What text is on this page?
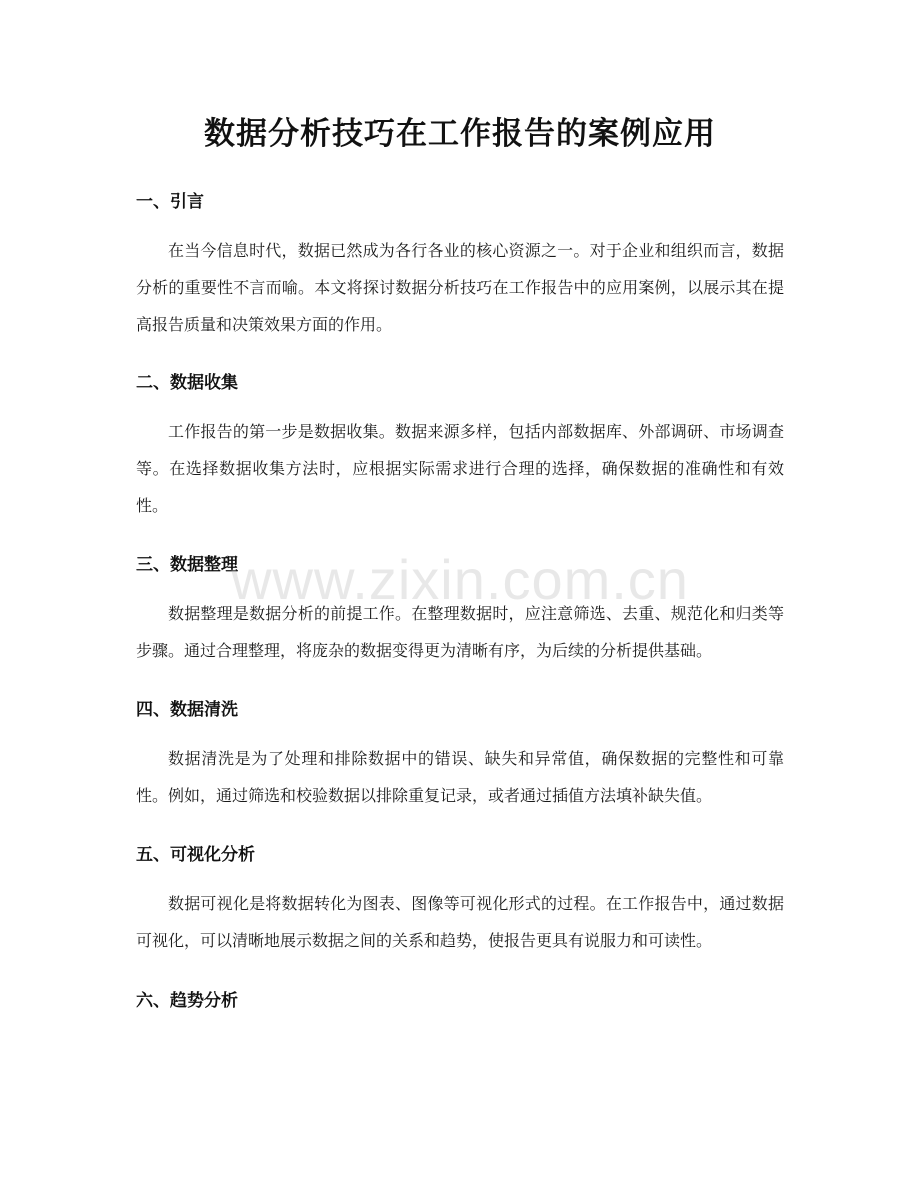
数据分析技巧在工作报告的案例应用
一、引言

在当今信息时代，数据已然成为各行各业的核心资源之一。对于企业和组织而言，数据分析的重要性不言而喻。本文将探讨数据分析技巧在工作报告中的应用案例，以展示其在提高报告质量和决策效果方面的作用。

二、数据收集

工作报告的第一步是数据收集。数据来源多样，包括内部数据库、外部调研、市场调查等。在选择数据收集方法时，应根据实际需求进行合理的选择，确保数据的准确性和有效性。

三、数据整理

数据整理是数据分析的前提工作。在整理数据时，应注意筛选、去重、规范化和归类等步骤。通过合理整理，将庞杂的数据变得更为清晰有序，为后续的分析提供基础。

四、数据清洗

数据清洗是为了处理和排除数据中的错误、缺失和异常值，确保数据的完整性和可靠性。例如，通过筛选和校验数据以排除重复记录，或者通过插值方法填补缺失值。

五、可视化分析

数据可视化是将数据转化为图表、图像等可视化形式的过程。在工作报告中，通过数据可视化，可以清晰地展示数据之间的关系和趋势，使报告更具有说服力和可读性。

六、趋势分析
www.zixin.com.cn
